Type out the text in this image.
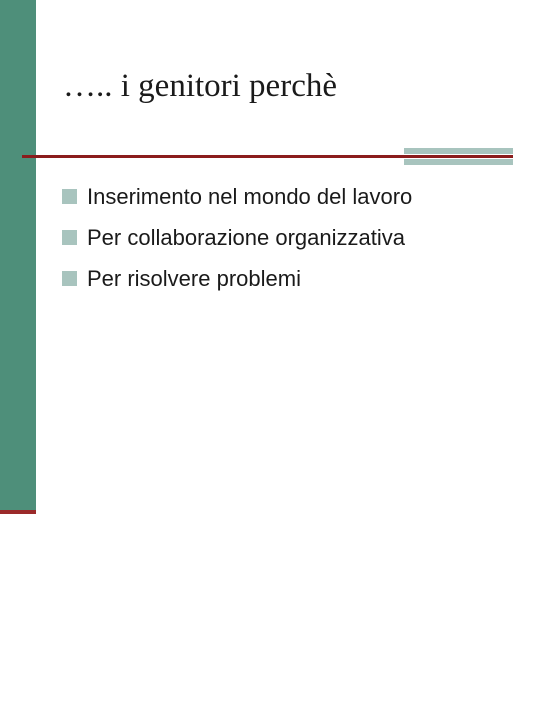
….. i genitori perchè
Inserimento nel mondo del lavoro
Per collaborazione organizzativa
Per risolvere problemi
